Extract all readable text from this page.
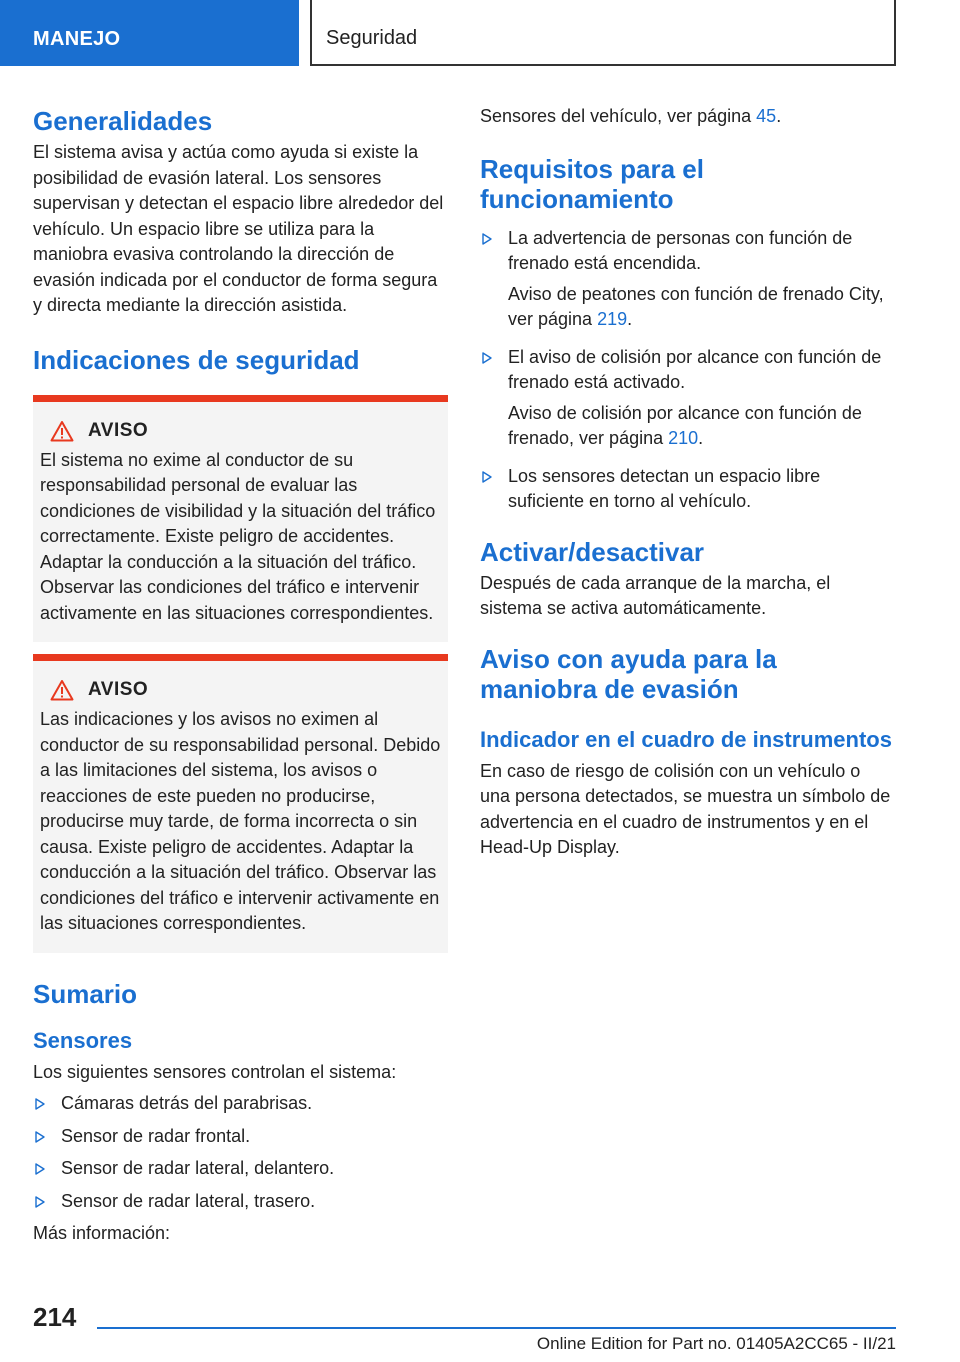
MANEJO	Seguridad
Generalidades

El sistema avisa y actúa como ayuda si existe la posibilidad de evasión lateral. Los sensores supervisan y detectan el espacio libre alrededor del vehículo. Un espacio libre se utiliza para la maniobra evasiva controlando la dirección de evasión indicada por el conductor de forma segura y directa mediante la dirección asistida.

Indicaciones de seguridad
AVISO

El sistema no exime al conductor de su responsabilidad personal de evaluar las condiciones de visibilidad y la situación del tráfico correctamente. Existe peligro de accidentes. Adaptar la conducción a la situación del tráfico. Observar las condiciones del tráfico e intervenir activamente en las situaciones correspondientes.

AVISO

Las indicaciones y los avisos no eximen al conductor de su responsabilidad personal. Debido a las limitaciones del sistema, los avisos o reacciones de este pueden no producirse, producirse muy tarde, de forma incorrecta o sin causa. Existe peligro de accidentes. Adaptar la conducción a la situación del tráfico. Observar las condiciones del tráfico e intervenir activamente en las situaciones correspondientes.

Sumario
Sensores

Los siguientes sensores controlan el sistema:

Cámaras detrás del parabrisas.
Sensor de radar frontal.
Sensor de radar lateral, delantero.
Sensor de radar lateral, trasero.

Más información:

Sensores del vehículo, ver página 45.

Requisitos para el funcionamiento
La advertencia de personas con función de frenado está encendida.
Aviso de peatones con función de frenado City, ver página 219.
El aviso de colisión por alcance con función de frenado está activado.
Aviso de colisión por alcance con función de frenado, ver página 210.
Los sensores detectan un espacio libre suficiente en torno al vehículo.
Activar/desactivar

Después de cada arranque de la marcha, el sistema se activa automáticamente.

Aviso con ayuda para la maniobra de evasión
Indicador en el cuadro de instrumentos

En caso de riesgo de colisión con un vehículo o una persona detectados, se muestra un símbolo de advertencia en el cuadro de instrumentos y en el Head-Up Display.

214
Online Edition for Part no. 01405A2CC65 - II/21
